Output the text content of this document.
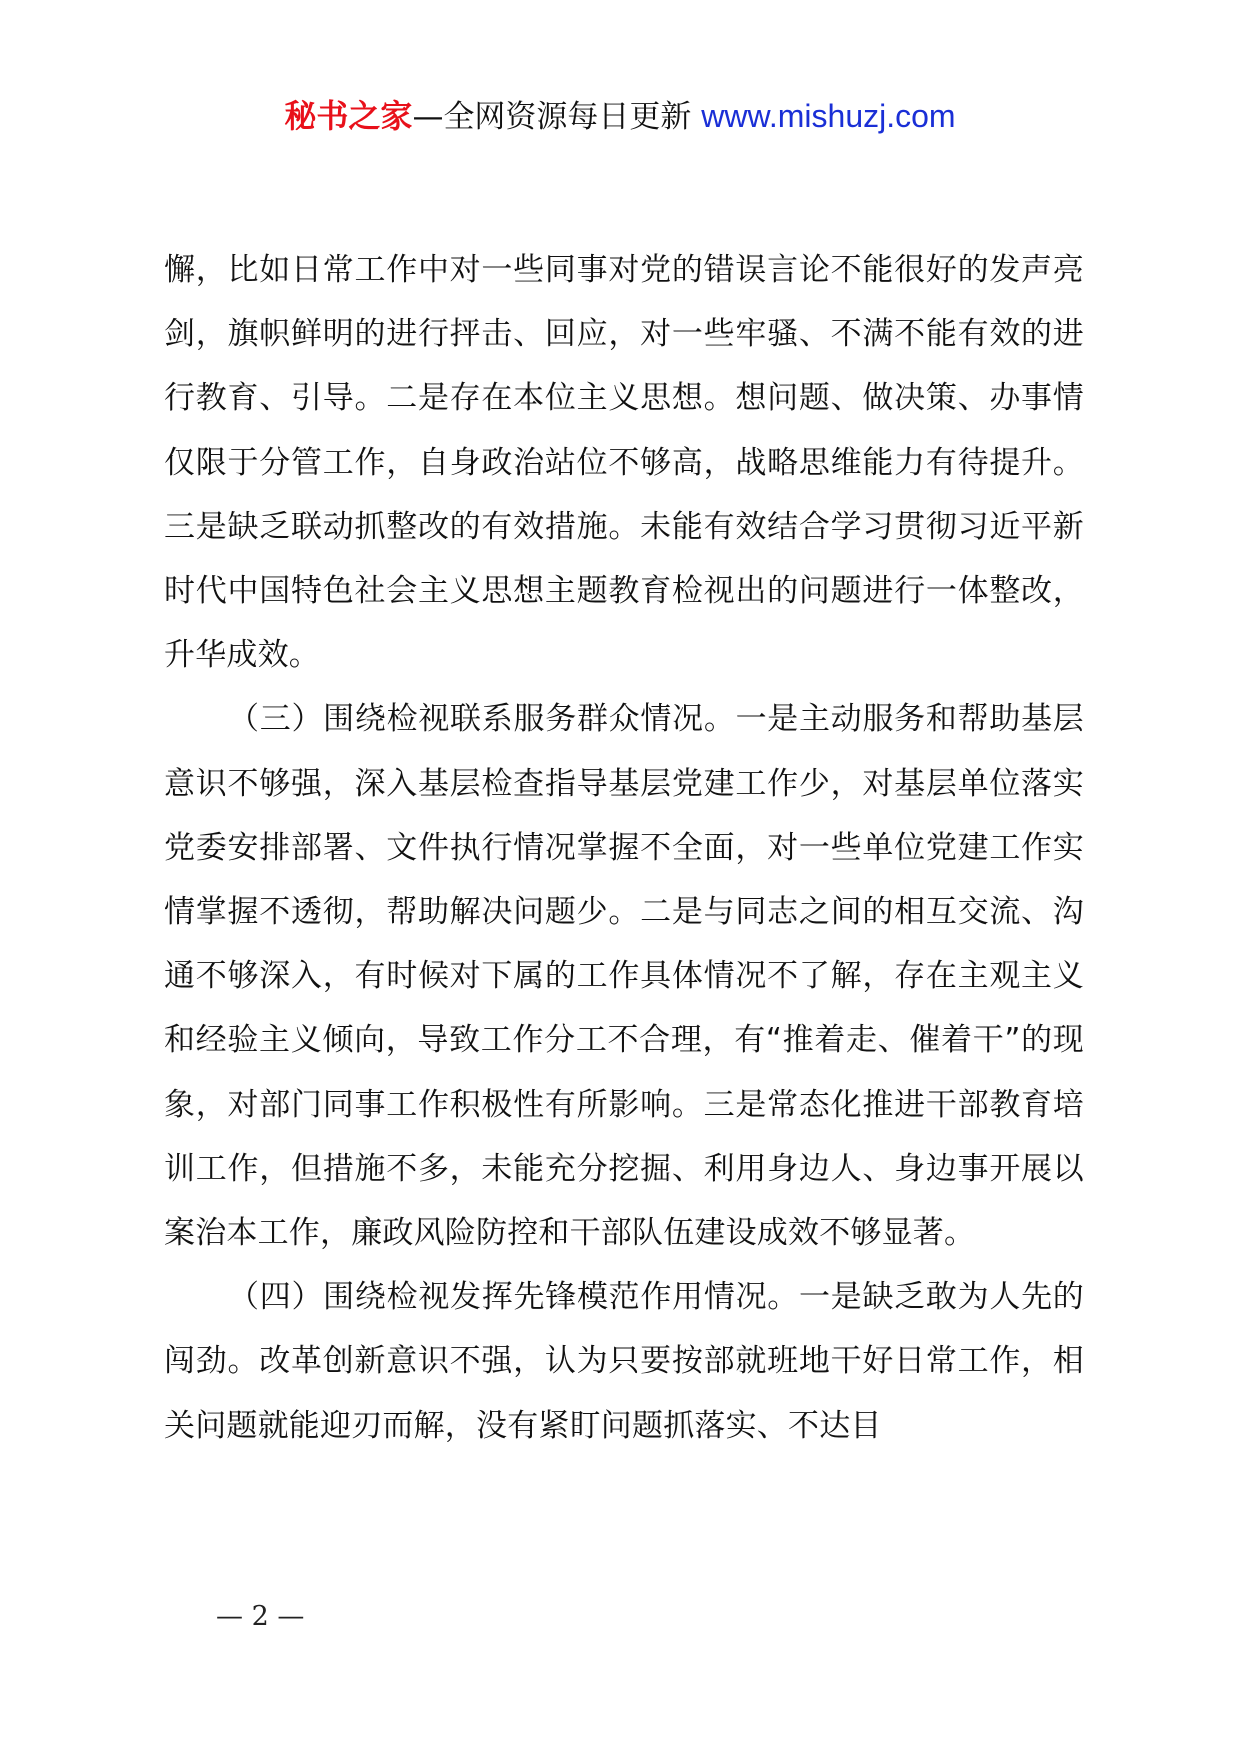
秘书之家—全网资源每日更新 www.mishuzj.com

懈，比如日常工作中对一些同事对党的错误言论不能很好的发声亮剑，旗帜鲜明的进行抨击、回应，对一些牢骚、不满不能有效的进行教育、引导。二是存在本位主义思想。想问题、做决策、办事情仅限于分管工作，自身政治站位不够高，战略思维能力有待提升。三是缺乏联动抓整改的有效措施。未能有效结合学习贯彻习近平新时代中国特色社会主义思想主题教育检视出的问题进行一体整改，升华成效。

（三）围绕检视联系服务群众情况。一是主动服务和帮助基层意识不够强，深入基层检查指导基层党建工作少，对基层单位落实党委安排部署、文件执行情况掌握不全面，对一些单位党建工作实情掌握不透彻，帮助解决问题少。二是与同志之间的相互交流、沟通不够深入，有时候对下属的工作具体情况不了解，存在主观主义和经验主义倾向，导致工作分工不合理，有“推着走、催着干”的现象，对部门同事工作积极性有所影响。三是常态化推进干部教育培训工作，但措施不多，未能充分挖掘、利用身边人、身边事开展以案治本工作，廉政风险防控和干部队伍建设成效不够显著。

（四）围绕检视发挥先锋模范作用情况。一是缺乏敢为人先的闯劲。改革创新意识不强，认为只要按部就班地干好日常工作，相关问题就能迎刃而解，没有紧盯问题抓落实、不达目

— 2 —
